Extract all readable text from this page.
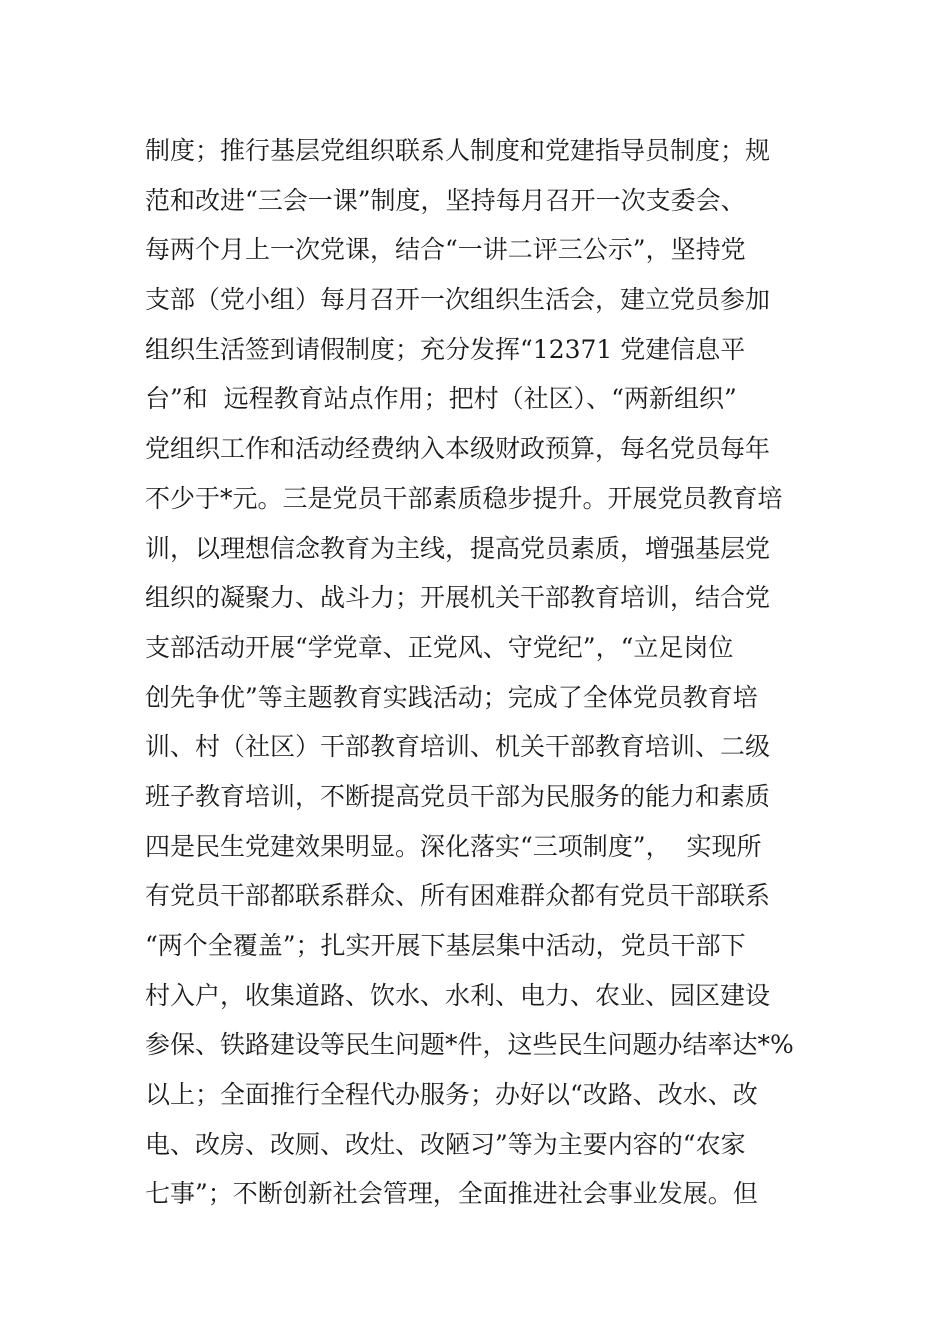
制度；推行基层党组织联系人制度和党建指导员制度；规
范和改进“三会一课”制度，坚持每月召开一次支委会、
每两个月上一次党课，结合“一讲二评三公示”，坚持党
支部（党小组）每月召开一次组织生活会，建立党员参加
组织生活签到请假制度；充分发挥“12371 党建信息平
台”和  远程教育站点作用；把村（社区）、“两新组织”
党组织工作和活动经费纳入本级财政预算，每名党员每年
不少于*元。三是党员干部素质稳步提升。开展党员教育培
训，以理想信念教育为主线，提高党员素质，增强基层党
组织的凝聚力、战斗力；开展机关干部教育培训，结合党
支部活动开展“学党章、正党风、守党纪”，“立足岗位
创先争优”等主题教育实践活动；完成了全体党员教育培
训、村（社区）干部教育培训、机关干部教育培训、二级
班子教育培训，不断提高党员干部为民服务的能力和素质
四是民生党建效果明显。深化落实“三项制度”，  实现所
有党员干部都联系群众、所有困难群众都有党员干部联系
“两个全覆盖”；扎实开展下基层集中活动，党员干部下
村入户，收集道路、饮水、水利、电力、农业、园区建设
参保、铁路建设等民生问题*件，这些民生问题办结率达*%
以上；全面推行全程代办服务；办好以“改路、改水、改
电、改房、改厕、改灶、改陋习”等为主要内容的“农家
七事”；不断创新社会管理，全面推进社会事业发展。但
